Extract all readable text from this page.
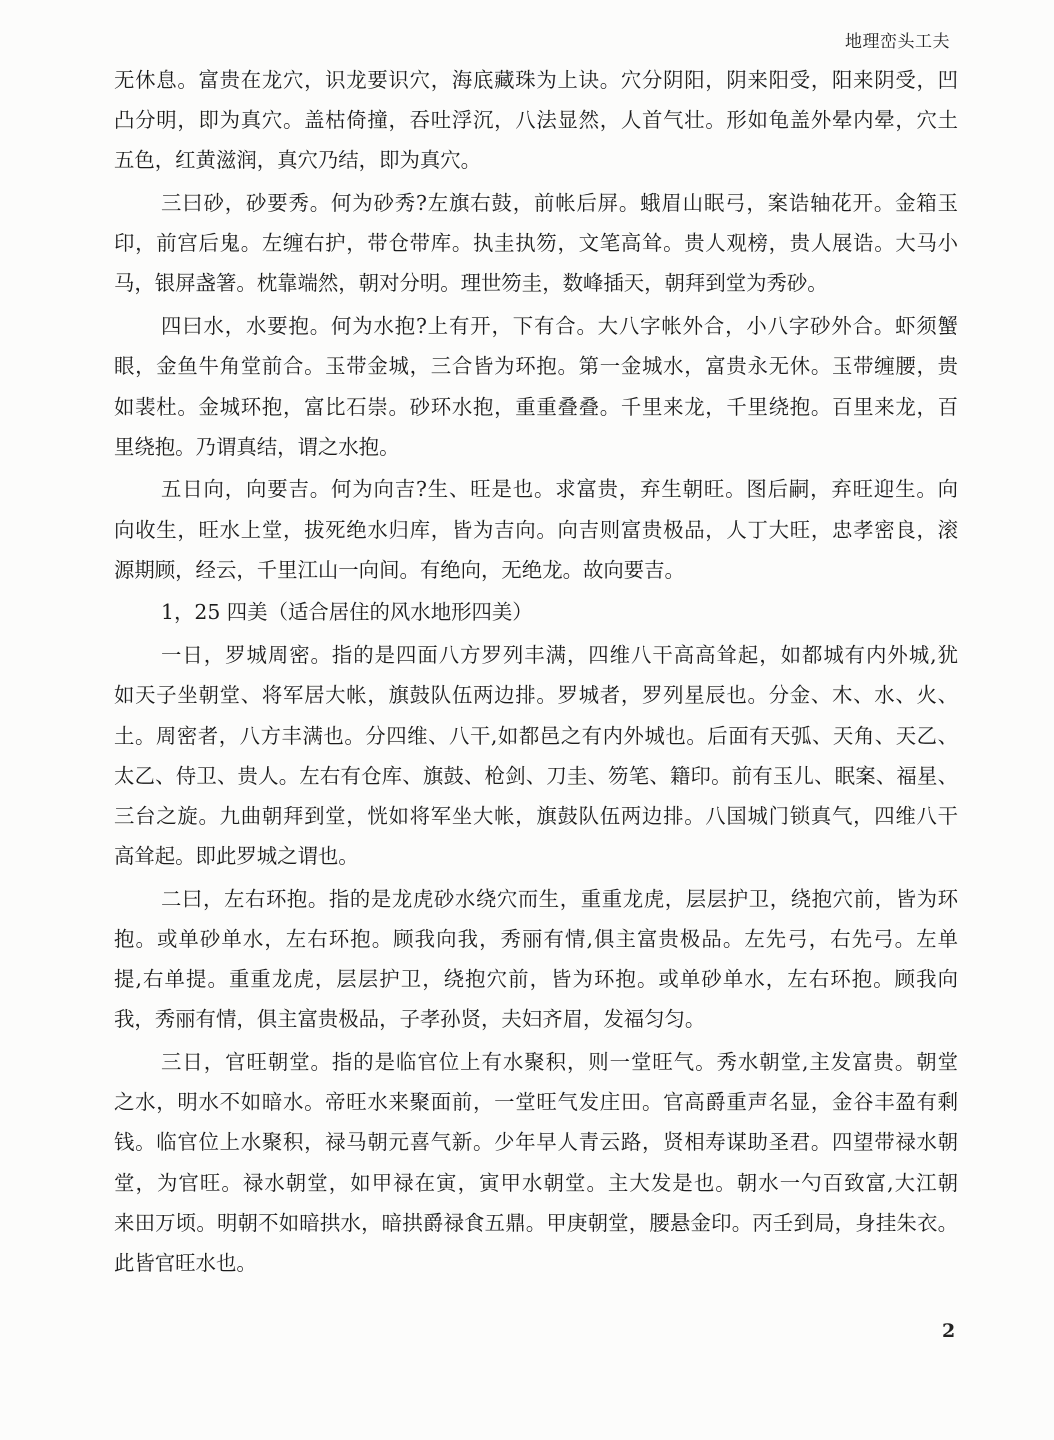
地理峦头工夫
无休息。富贵在龙穴，识龙要识穴，海底藏珠为上诀。穴分阴阳，阴来阳受，阳来阴受，凹
凸分明，即为真穴。盖枯倚撞，吞吐浮沉，八法显然，人首气壮。形如龟盖外晕内晕，穴土
五色，红黄滋润，真穴乃结，即为真穴。
三曰砂，砂要秀。何为砂秀?左旗右鼓，前帐后屏。蛾眉山眠弓，案诰轴花开。金箱玉
印，前宫后鬼。左缠右护，带仓带库。执圭执笏，文笔高耸。贵人观榜，贵人展诰。大马小
马，银屏盏箸。枕靠端然，朝对分明。理世笏圭，数峰插天，朝拜到堂为秀砂。
四曰水，水要抱。何为水抱?上有开，下有合。大八字帐外合，小八字砂外合。虾须蟹
眼，金鱼牛角堂前合。玉带金城，三合皆为环抱。第一金城水，富贵永无休。玉带缠腰，贵
如裴杜。金城环抱，富比石崇。砂环水抱，重重叠叠。千里来龙，千里绕抱。百里来龙，百
里绕抱。乃谓真结，谓之水抱。
五日向，向要吉。何为向吉?生、旺是也。求富贵，弃生朝旺。图后嗣，弃旺迎生。向
向收生，旺水上堂，拔死绝水归库，皆为吉向。向吉则富贵极品，人丁大旺，忠孝密良，滚
源期顾，经云，千里江山一向间。有绝向，无绝龙。故向要吉。
1，25 四美（适合居住的风水地形四美）
一日，罗城周密。指的是四面八方罗列丰满，四维八干高高耸起，如都城有内外城,犹
如天子坐朝堂、将军居大帐，旗鼓队伍两边排。罗城者，罗列星辰也。分金、木、水、火、
土。周密者，八方丰满也。分四维、八干,如都邑之有内外城也。后面有天弧、天角、天乙、
太乙、侍卫、贵人。左右有仓库、旗鼓、枪剑、刀圭、笏笔、籍印。前有玉儿、眠案、福星、
三台之旋。九曲朝拜到堂，恍如将军坐大帐，旗鼓队伍两边排。八国城门锁真气，四维八干
高耸起。即此罗城之谓也。
二曰，左右环抱。指的是龙虎砂水绕穴而生，重重龙虎，层层护卫，绕抱穴前，皆为环
抱。或单砂单水，左右环抱。顾我向我，秀丽有情,俱主富贵极品。左先弓，右先弓。左单
提,右单提。重重龙虎，层层护卫，绕抱穴前，皆为环抱。或单砂单水，左右环抱。顾我向
我，秀丽有情，俱主富贵极品，子孝孙贤，夫妇齐眉，发福匀匀。
三日，官旺朝堂。指的是临官位上有水聚积，则一堂旺气。秀水朝堂,主发富贵。朝堂
之水，明水不如暗水。帝旺水来聚面前，一堂旺气发庄田。官高爵重声名显，金谷丰盈有剩
钱。临官位上水聚积，禄马朝元喜气新。少年早人青云路，贤相寿谋助圣君。四望带禄水朝
堂，为官旺。禄水朝堂，如甲禄在寅，寅甲水朝堂。主大发是也。朝水一勺百致富,大江朝
来田万顷。明朝不如暗拱水，暗拱爵禄食五鼎。甲庚朝堂，腰悬金印。丙壬到局，身挂朱衣。
此皆官旺水也。
2
